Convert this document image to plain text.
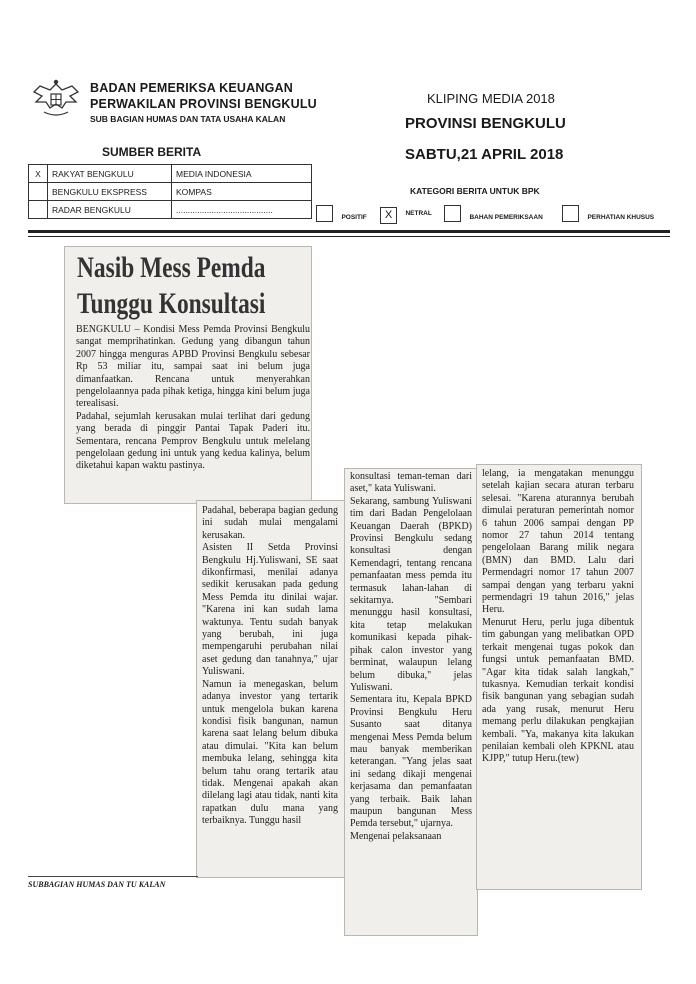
BADAN PEMERIKSA KEUANGAN
PERWAKILAN PROVINSI BENGKULU
SUB BAGIAN HUMAS DAN TATA USAHA KALAN
KLIPING MEDIA 2018
PROVINSI BENGKULU
SABTU,21 APRIL 2018
SUMBER BERITA
X	RAKYAT BENGKULU	MEDIA INDONESIA
	BENGKULU EKSPRESS	KOMPAS
	RADAR BENGKULU	.........................................
KATEGORI BERITA UNTUK BPK
POSITIF	X NETRAL
BAHAN PEMERIKSAAN	PERHATIAN KHUSUS
Nasib Mess Pemda
Tunggu Konsultasi
BENGKULU – Kondisi Mess Pemda Provinsi Bengkulu sangat memprihatinkan. Gedung yang dibangun tahun 2007 hingga menguras APBD Provinsi Bengkulu sebesar Rp 53 miliar itu, sampai saat ini belum juga dimanfaatkan. Rencana untuk menyerahkan pengelolaannya pada pihak ketiga, hingga kini belum juga terealisasi.
Padahal, sejumlah kerusakan mulai terlihat dari gedung yang berada di pinggir Pantai Tapak Paderi itu. Sementara, rencana Pemprov Bengkulu untuk melelang pengelolaan gedung ini untuk yang kedua kalinya, belum diketahui kapan waktu pastinya.
Padahal, beberapa bagian gedung ini sudah mulai mengalami kerusakan.
Asisten II Setda Provinsi Bengkulu Hj.Yuliswani, SE saat dikonfirmasi, menilai adanya sedikit kerusakan pada gedung Mess Pemda itu dinilai wajar. "Karena ini kan sudah lama waktunya. Tentu sudah banyak yang berubah, ini juga mempengaruhi perubahan nilai aset gedung dan tanahnya," ujar Yuliswani.
Namun ia menegaskan, belum adanya investor yang tertarik untuk mengelola bukan karena kondisi fisik bangunan, namun karena saat lelang belum dibuka atau dimulai. "Kita kan belum membuka lelang, sehingga kita belum tahu orang tertarik atau tidak. Mengenai apakah akan dilelang lagi atau tidak, nanti kita rapatkan dulu mana yang terbaiknya. Tunggu hasil
konsultasi teman-teman dari aset," kata Yuliswani.
Sekarang, sambung Yuliswani tim dari Badan Pengelolaan Keuangan Daerah (BPKD) Provinsi Bengkulu sedang konsultasi dengan Kemendagri, tentang rencana pemanfaatan mess pemda itu termasuk lahan-lahan di sekitarnya. "Sembari menunggu hasil konsultasi, kita tetap melakukan komunikasi kepada pihak-pihak calon investor yang berminat, walaupun lelang belum dibuka," jelas Yuliswani.
Sementara itu, Kepala BPKD Provinsi Bengkulu Heru Susanto saat ditanya mengenai Mess Pemda belum mau banyak memberikan keterangan. "Yang jelas saat ini sedang dikaji mengenai kerjasama dan pemanfaatan yang terbaik. Baik lahan maupun bangunan Mess Pemda tersebut," ujarnya.
Mengenai pelaksanaan
lelang, ia mengatakan menunggu setelah kajian secara aturan terbaru selesai. "Karena aturannya berubah dimulai peraturan pemerintah nomor 6 tahun 2006 sampai dengan PP nomor 27 tahun 2014 tentang pengelolaan Barang milik negara (BMN) dan BMD. Lalu dari Permendagri nomor 17 tahun 2007 sampai dengan yang terbaru yakni permendagri 19 tahun 2016," jelas Heru.
Menurut Heru, perlu juga dibentuk tim gabungan yang melibatkan OPD terkait mengenai tugas pokok dan fungsi untuk pemanfaatan BMD. "Agar kita tidak salah langkah," tukasnya. Kemudian terkait kondisi fisik bangunan yang sebagian sudah ada yang rusak, menurut Heru memang perlu dilakukan pengkajian kembali. "Ya, makanya kita lakukan penilaian kembali oleh KPKNL atau KJPP," tutup Heru.(tew)
SUBBAGIAN HUMAS DAN TU KALAN
